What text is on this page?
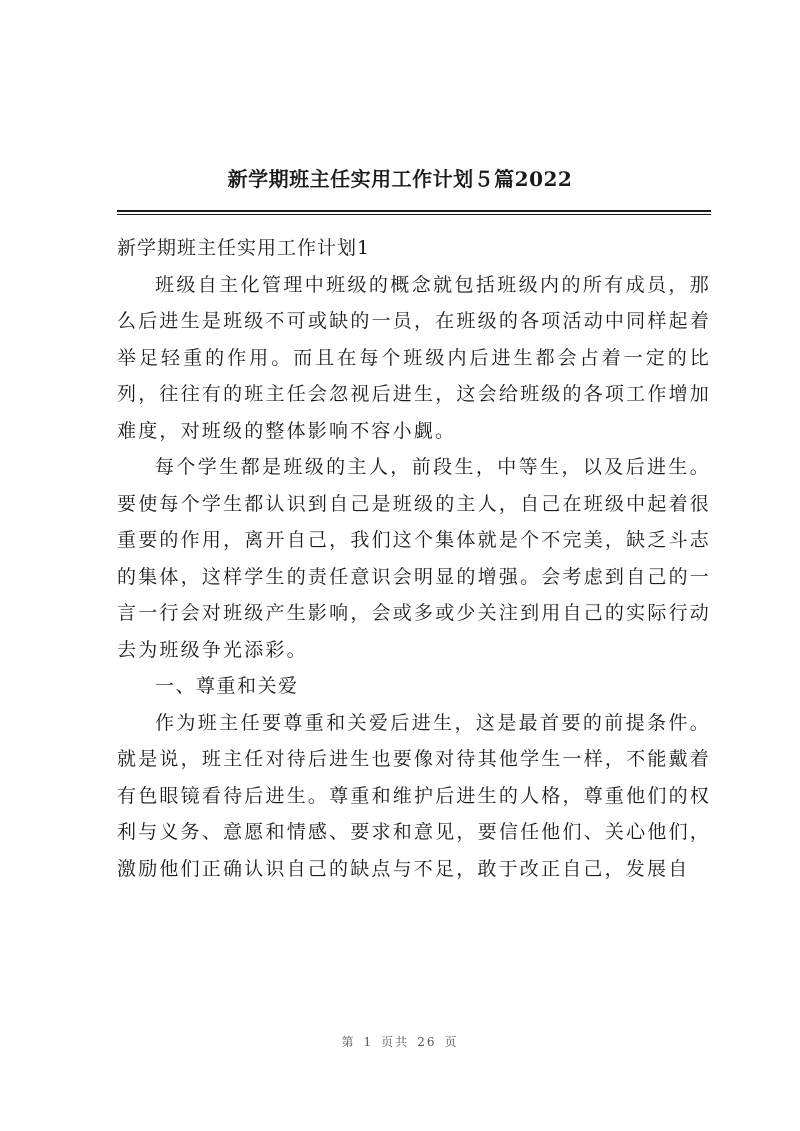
新学期班主任实用工作计划５篇2022

新学期班主任实用工作计划1

班级自主化管理中班级的概念就包括班级内的所有成员，那么后进生是班级不可或缺的一员，在班级的各项活动中同样起着举足轻重的作用。而且在每个班级内后进生都会占着一定的比列，往往有的班主任会忽视后进生，这会给班级的各项工作增加难度，对班级的整体影响不容小觑。

每个学生都是班级的主人，前段生，中等生，以及后进生。要使每个学生都认识到自己是班级的主人，自己在班级中起着很重要的作用，离开自己，我们这个集体就是个不完美，缺乏斗志的集体，这样学生的责任意识会明显的增强。会考虑到自己的一言一行会对班级产生影响，会或多或少关注到用自己的实际行动去为班级争光添彩。

一、尊重和关爱

作为班主任要尊重和关爱后进生，这是最首要的前提条件。就是说，班主任对待后进生也要像对待其他学生一样，不能戴着有色眼镜看待后进生。尊重和维护后进生的人格，尊重他们的权利与义务、意愿和情感、要求和意见，要信任他们、关心他们，激励他们正确认识自己的缺点与不足，敢于改正自己，发展自

第 1 页共 26 页
